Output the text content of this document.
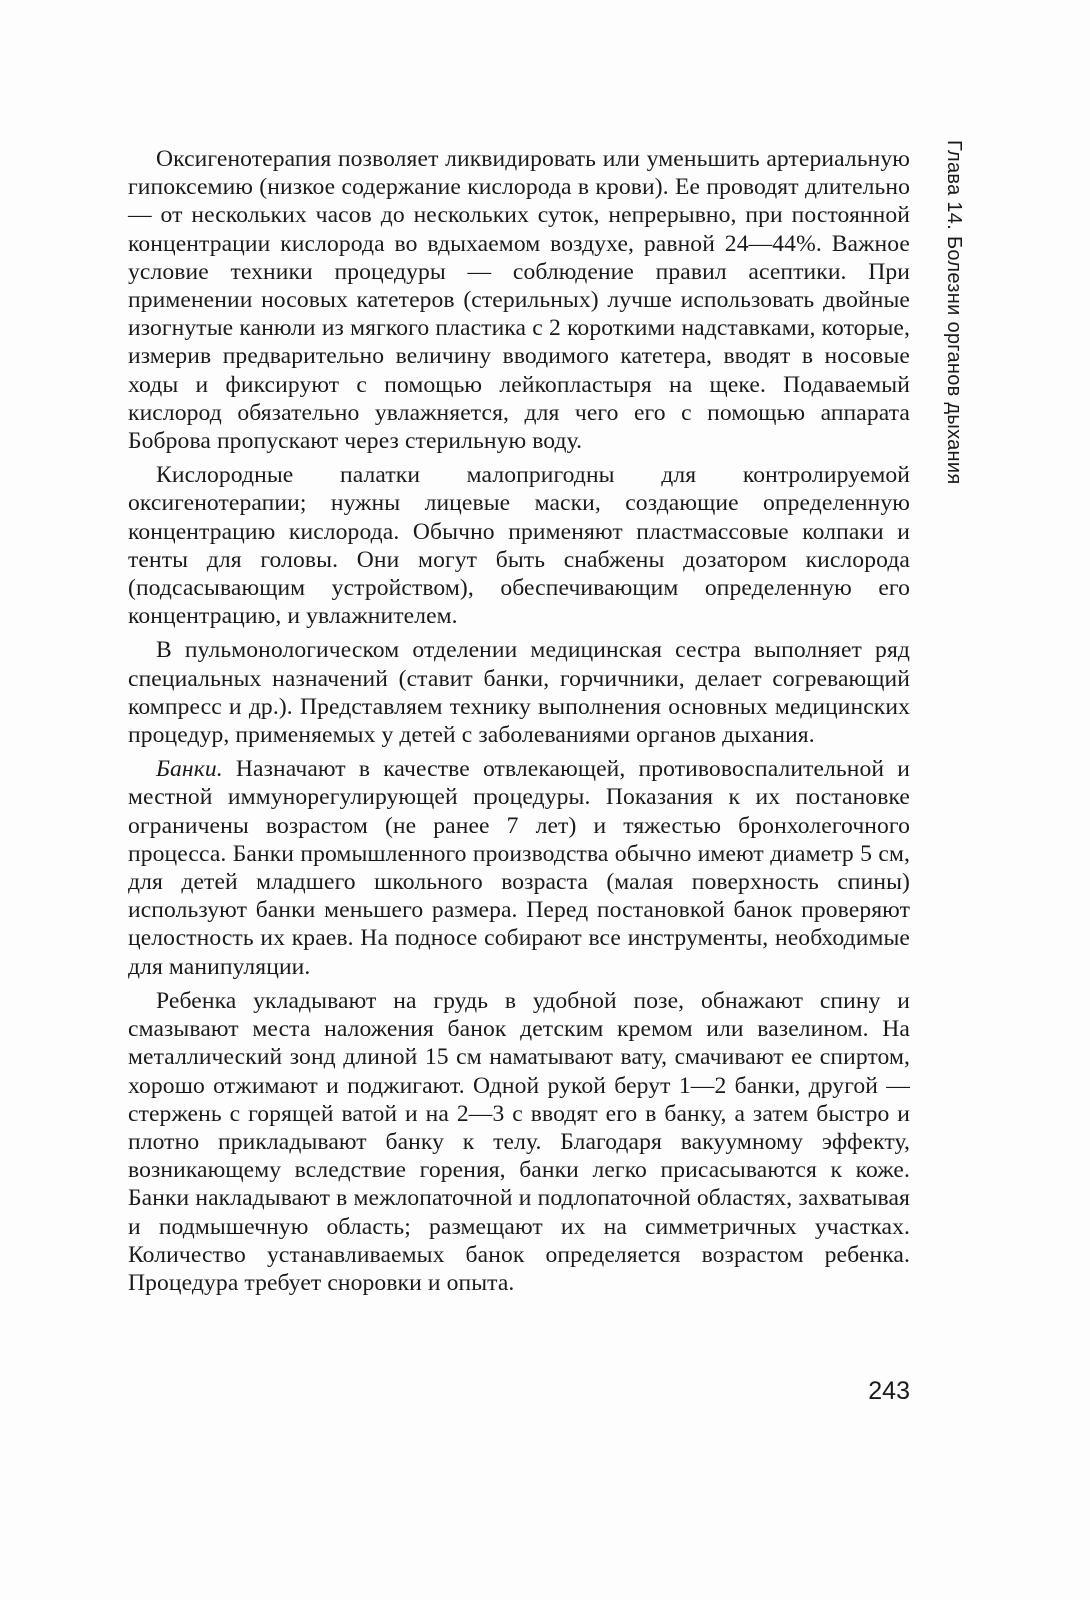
Глава 14. Болезни органов дыхания

Оксигенотерапия позволяет ликвидировать или уменьшить артериальную гипоксемию (низкое содержание кислорода в крови). Ее проводят длительно — от нескольких часов до нескольких суток, непрерывно, при постоянной концентрации кислорода во вдыхаемом воздухе, равной 24—44%. Важное условие техники процедуры — соблюдение правил асептики. При применении носовых катетеров (стерильных) лучше использовать двойные изогнутые канюли из мягкого пластика с 2 короткими надставками, которые, измерив предварительно величину вводимого катетера, вводят в носовые ходы и фиксируют с помощью лейкопластыря на щеке. Подаваемый кислород обязательно увлажняется, для чего его с помощью аппарата Боброва пропускают через стерильную воду.

Кислородные палатки малопригодны для контролируемой оксигенотерапии; нужны лицевые маски, создающие определенную концентрацию кислорода. Обычно применяют пластмассовые колпаки и тенты для головы. Они могут быть снабжены дозатором кислорода (подсасывающим устройством), обеспечивающим определенную его концентрацию, и увлажнителем.

В пульмонологическом отделении медицинская сестра выполняет ряд специальных назначений (ставит банки, горчичники, делает согревающий компресс и др.). Представляем технику выполнения основных медицинских процедур, применяемых у детей с заболеваниями органов дыхания.

Банки. Назначают в качестве отвлекающей, противовоспалительной и местной иммунорегулирующей процедуры. Показания к их постановке ограничены возрастом (не ранее 7 лет) и тяжестью бронхолегочного процесса. Банки промышленного производства обычно имеют диаметр 5 см, для детей младшего школьного возраста (малая поверхность спины) используют банки меньшего размера. Перед постановкой банок проверяют целостность их краев. На подносе собирают все инструменты, необходимые для манипуляции.

Ребенка укладывают на грудь в удобной позе, обнажают спину и смазывают места наложения банок детским кремом или вазелином. На металлический зонд длиной 15 см наматывают вату, смачивают ее спиртом, хорошо отжимают и поджигают. Одной рукой берут 1—2 банки, другой — стержень с горящей ватой и на 2—3 с вводят его в банку, а затем быстро и плотно прикладывают банку к телу. Благодаря вакуумному эффекту, возникающему вследствие горения, банки легко присасываются к коже. Банки накладывают в межлопаточной и подлопаточной областях, захватывая и подмышечную область; размещают их на симметричных участках. Количество устанавливаемых банок определяется возрастом ребенка. Процедура требует сноровки и опыта.

243
